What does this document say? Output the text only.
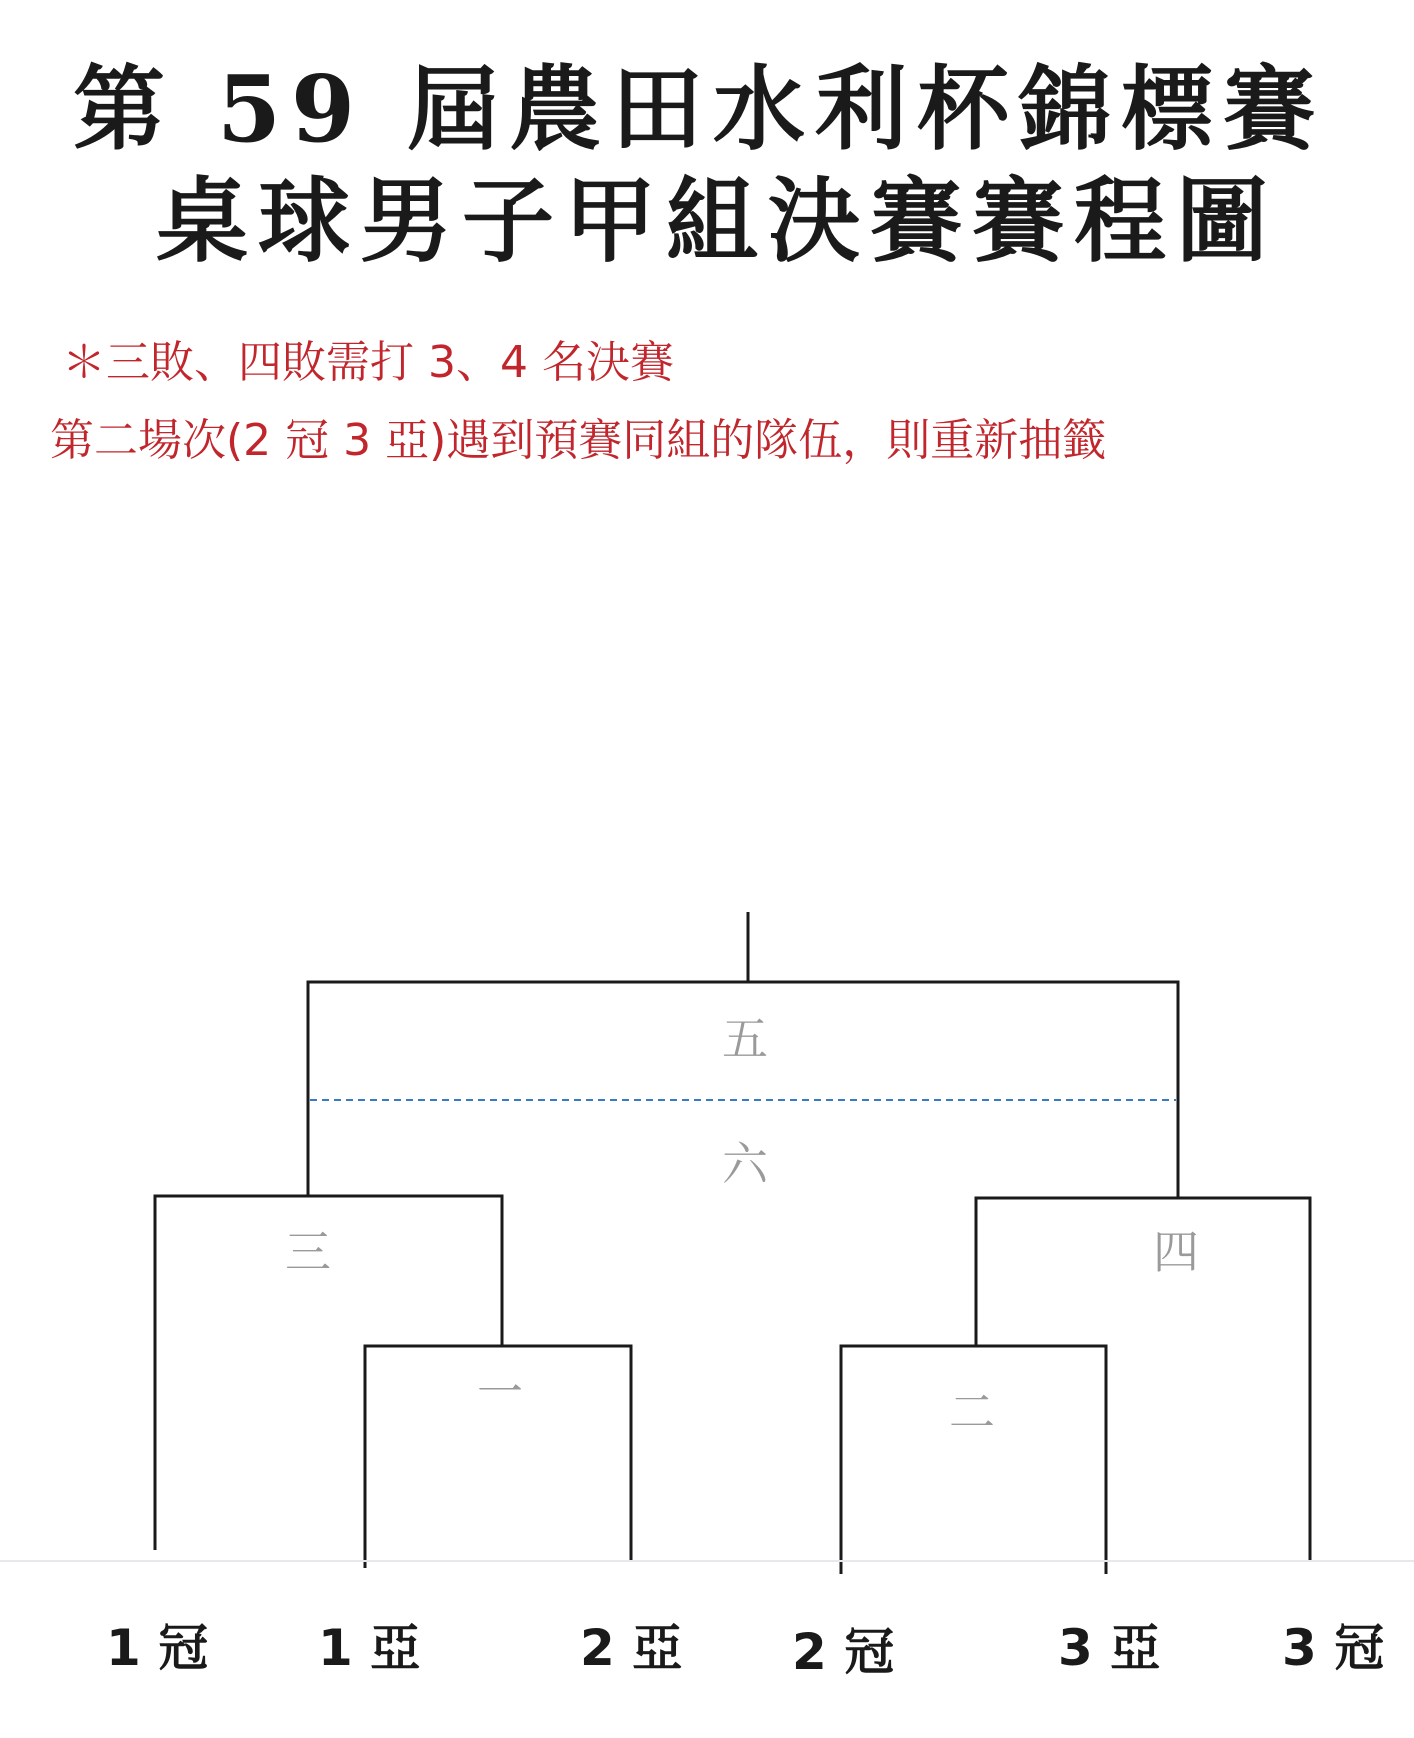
第 59 屆農田水利杯錦標賽
桌球男子甲組決賽賽程圖
＊三敗、四敗需打 3、4 名決賽
第二場次(2 冠 3 亞)遇到預賽同組的隊伍，則重新抽籤
五
六
三	四
一	二
1 冠 1 亞	2 亞 2 冠	3 亞 3 冠
